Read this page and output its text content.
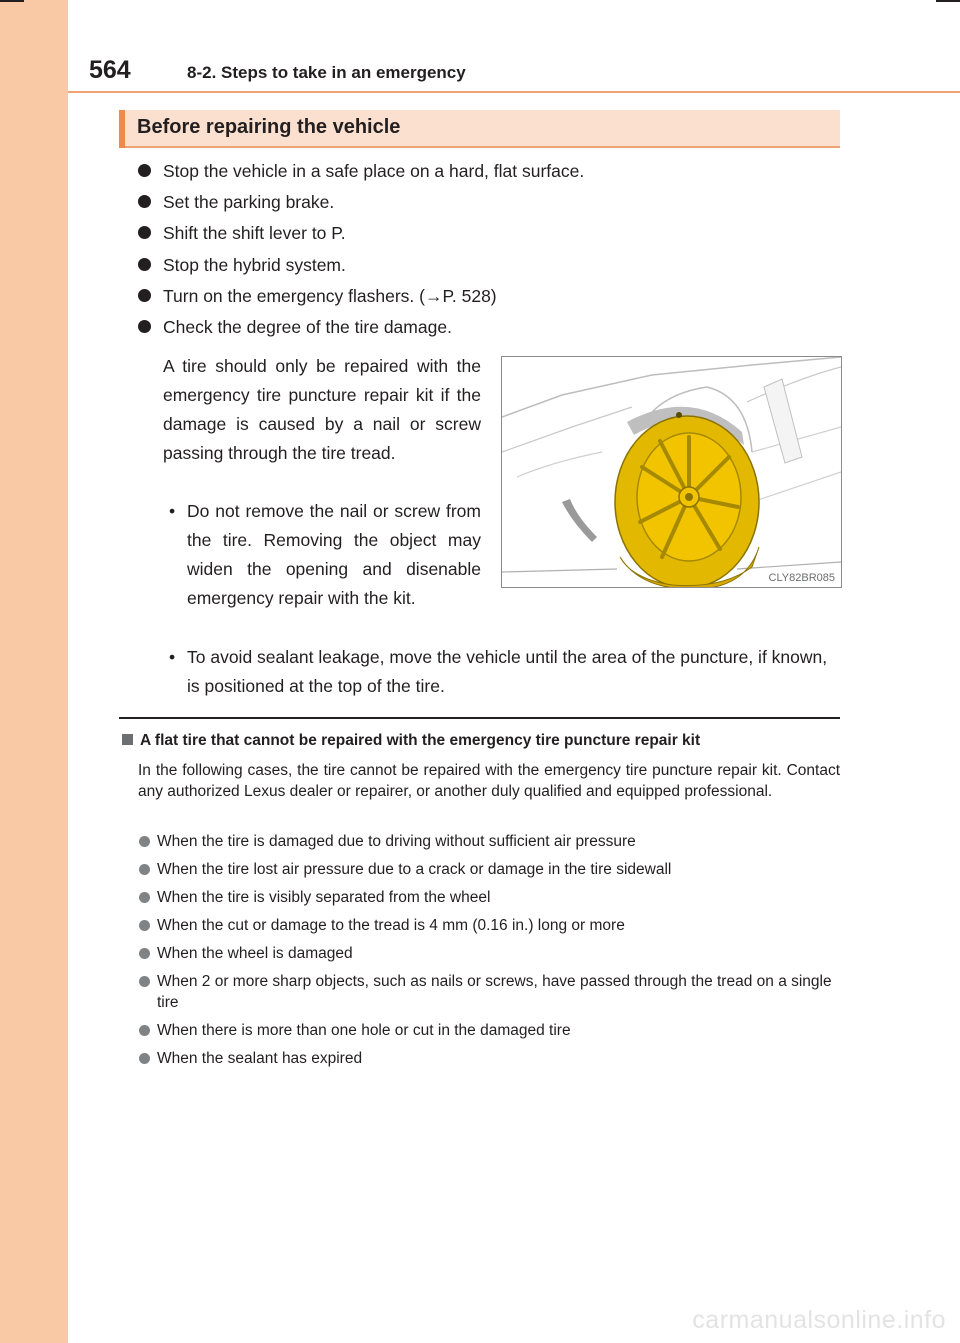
564	8-2. Steps to take in an emergency
Before repairing the vehicle
Stop the vehicle in a safe place on a hard, flat surface.
Set the parking brake.
Shift the shift lever to P.
Stop the hybrid system.
Turn on the emergency flashers. (→P. 528)
Check the degree of the tire damage.
A tire should only be repaired with the emergency tire puncture repair kit if the damage is caused by a nail or screw passing through the tire tread.
• Do not remove the nail or screw from the tire. Removing the object may widen the opening and disenable emergency repair with the kit.
• To avoid sealant leakage, move the vehicle until the area of the puncture, if known, is positioned at the top of the tire.
CLY82BR085
A flat tire that cannot be repaired with the emergency tire puncture repair kit
In the following cases, the tire cannot be repaired with the emergency tire puncture repair kit. Contact any authorized Lexus dealer or repairer, or another duly qualified and equipped professional.
When the tire is damaged due to driving without sufficient air pressure
When the tire lost air pressure due to a crack or damage in the tire sidewall
When the tire is visibly separated from the wheel
When the cut or damage to the tread is 4 mm (0.16 in.) long or more
When the wheel is damaged
When 2 or more sharp objects, such as nails or screws, have passed through the tread on a single tire
When there is more than one hole or cut in the damaged tire
When the sealant has expired
carmanualsonline.info
